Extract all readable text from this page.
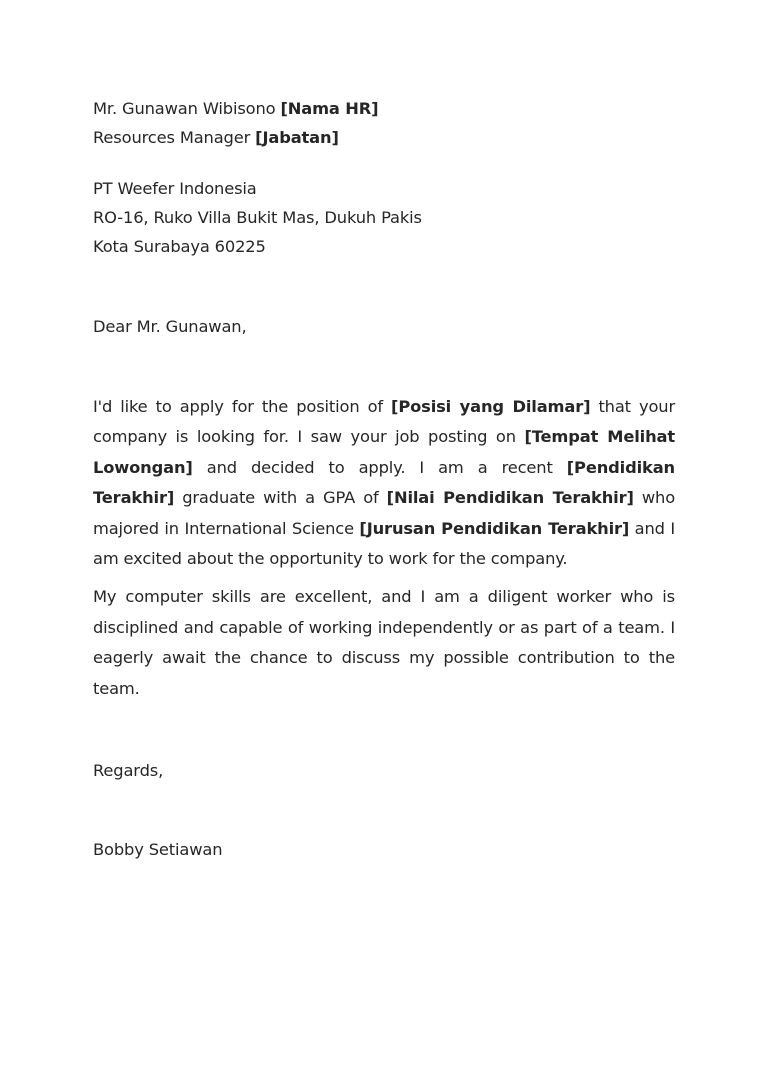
Mr. Gunawan Wibisono [Nama HR]

Resources Manager [Jabatan]

PT Weefer Indonesia

RO-16, Ruko Villa Bukit Mas, Dukuh Pakis

Kota Surabaya 60225

Dear Mr. Gunawan,

I'd like to apply for the position of [Posisi yang Dilamar] that your company is looking for. I saw your job posting on [Tempat Melihat Lowongan] and decided to apply. I am a recent [Pendidikan Terakhir] graduate with a GPA of [Nilai Pendidikan Terakhir] who majored in International Science [Jurusan Pendidikan Terakhir] and I am excited about the opportunity to work for the company.

My computer skills are excellent, and I am a diligent worker who is disciplined and capable of working independently or as part of a team. I eagerly await the chance to discuss my possible contribution to the team.

Regards,

Bobby Setiawan
